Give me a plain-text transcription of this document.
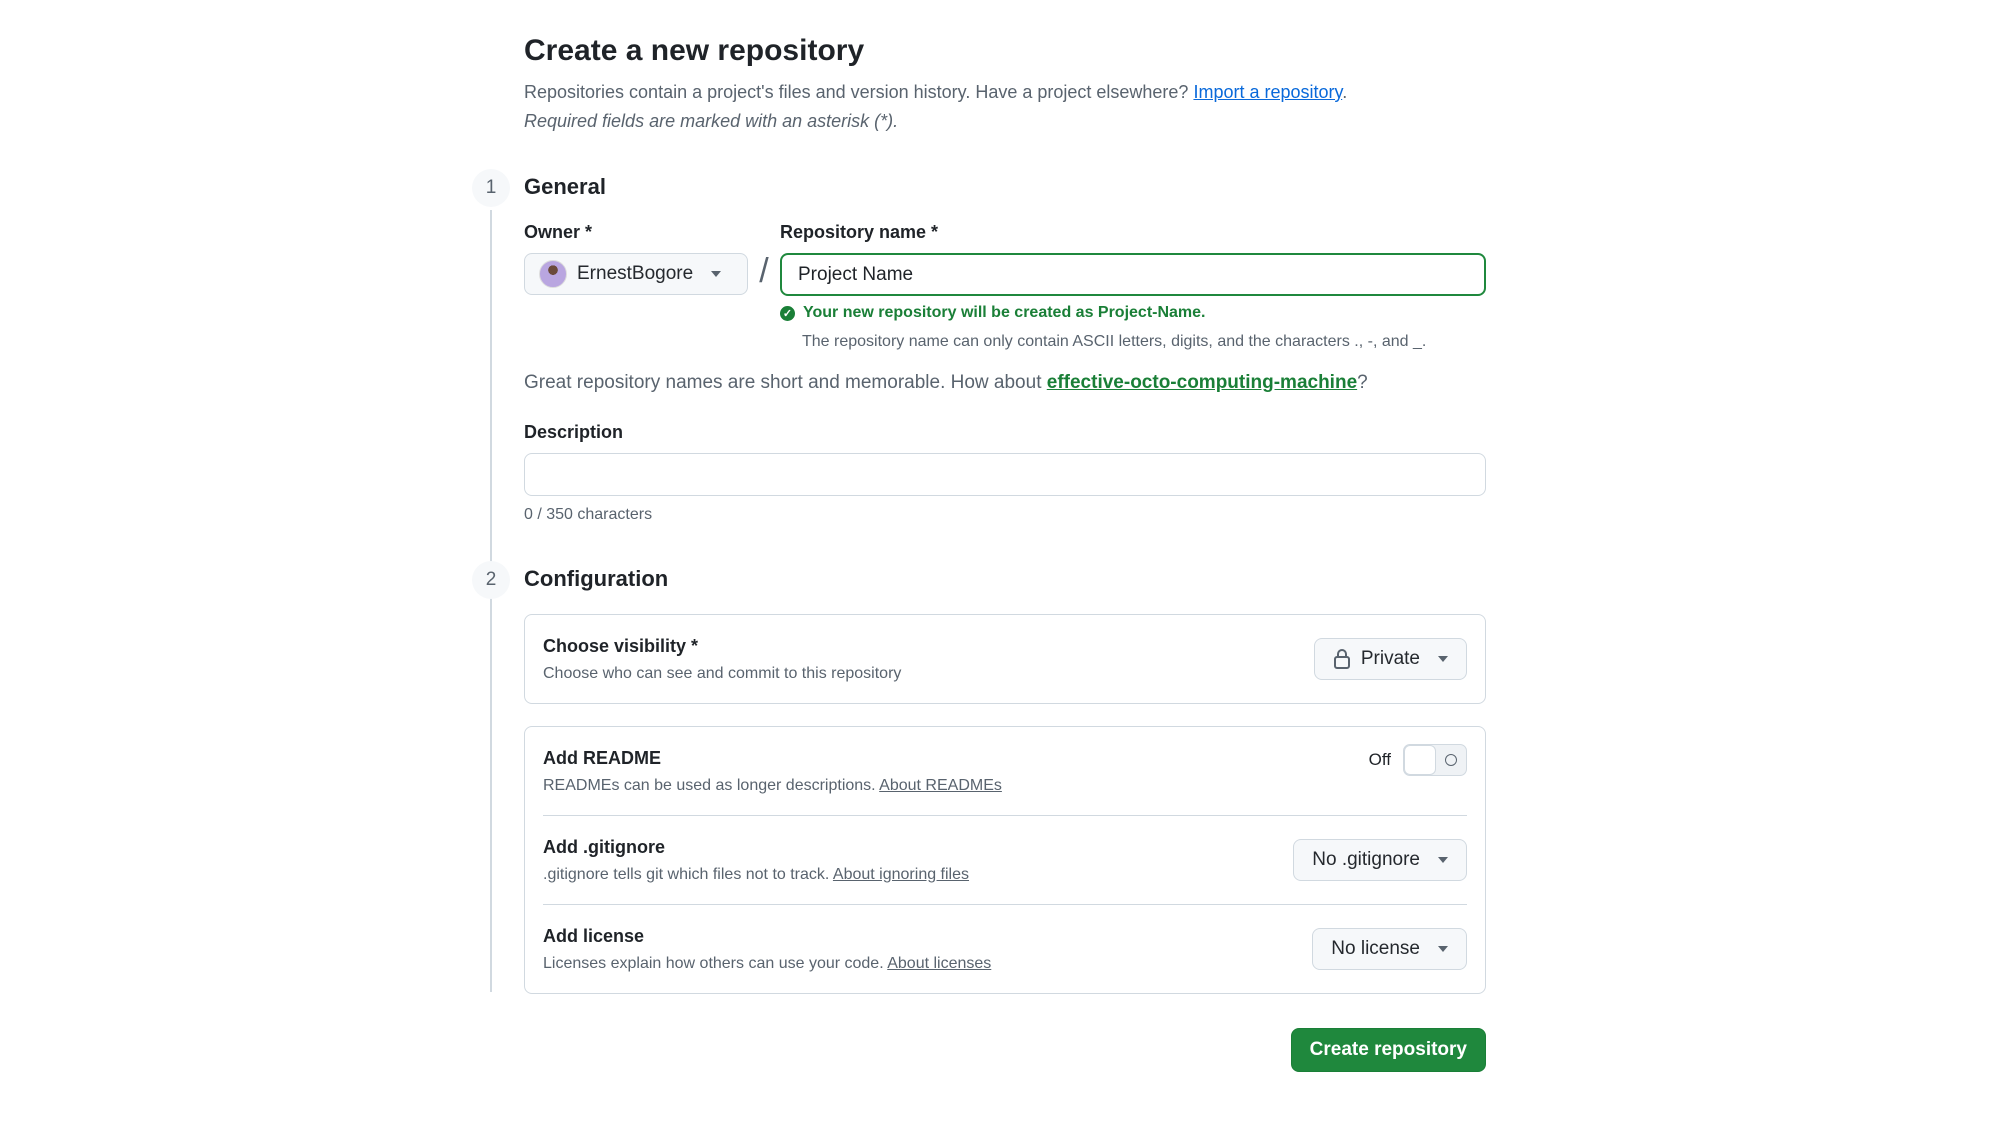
Create a new repository
Repositories contain a project's files and version history. Have a project elsewhere? Import a repository.
Required fields are marked with an asterisk (*).
1	General
Owner *
ErnestBogore	/
Repository name *
Project Name
✓ Your new repository will be created as Project-Name.
The repository name can only contain ASCII letters, digits, and the characters ., -, and _.
Great repository names are short and memorable. How about effective-octo-computing-machine?
Description
0 / 350 characters
2	Configuration
Choose visibility *
Choose who can see and commit to this repository
Private
Add README
READMEs can be used as longer descriptions. About READMEs
Off
Add .gitignore
.gitignore tells git which files not to track. About ignoring files
No .gitignore
Add license
Licenses explain how others can use your code. About licenses
No license
Create repository
